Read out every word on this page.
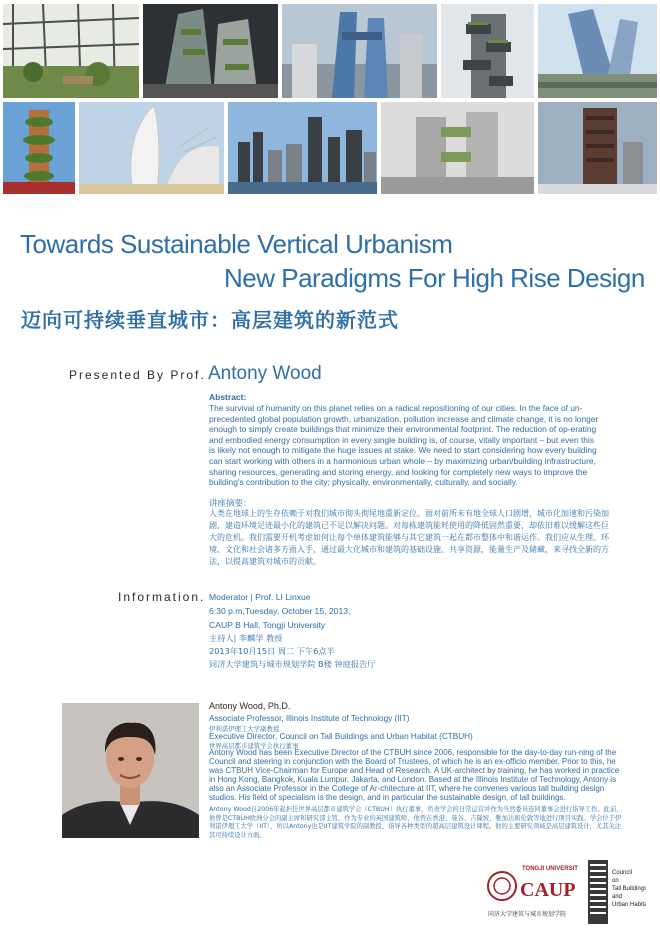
Towards Sustainable Vertical Urbanism
New Paradigms For High Rise Design
迈向可持续垂直城市：高层建筑的新范式
Presented By Prof. Antony Wood
Abstract:
The survival of humanity on this planet relies on a radical repositioning of our cities. In the face of un-precedented global population growth, urbanization, pollution increase and climate change, it is no longer enough to simply create buildings that minimize their environmental footprint. The reduction of op-erating and embodied energy consumption in every single building is, of course, vitally important – but even this is likely not enough to mitigate the huge issues at stake. We need to start considering how every building can start working with others in a harmonious urban whole – by maximizing urban/building infrastructure, sharing resources, generating and storing energy, and looking for completely new ways to improve the building's contribution to the city; physically, environmentally, culturally, and socially.
讲座摘要：
人类在地球上的生存依赖于对我们城市彻头彻尾地重新定位。面对前所未有地全球人口剧增，城市化加速和污染加剧，建造环境足迹最小化的建筑已不足以解决问题。对每栋建筑能耗使用的降低固然重要，却依旧难以缓解这些巨大的危机。我们需要开机考虑如何让每个单体建筑能够与其它建筑一起在都市整体中和谐运作。我们应从生理、环境、文化和社会诸多方面入手，通过最大化城市和建筑的基础设施、共享资源，能量生产及储藏，来寻找全新的方法，以提高建筑对城市的贡献。
Information. Moderator | Prof. LI Linxue
6:30 p.m,Tuesday, October 15, 2013,
CAUP B Hall, Tongji University
主持人| 李麟学 教授
2013年10月15日 周二 下午6点半
同济大学建筑与城市规划学院 B楼 钟庭报告厅
Antony Wood, Ph.D.
Associate Professor, Illinois Institute of Technology (IIT)
伊利诺伊理工大学副教授
Executive Director, Council on Tall Buildings and Urban Habitat (CTBUH)
世界高层都市建筑学会执行董事
Antony Wood has been Executive Director of the CTBUH since 2006, responsible for the day-to-day run-ning of the Council and steering in conjunction with the Board of Trustees, of which he is an ex-officio member. Prior to this, he was CTBUH Vice-Chairman for Europe and Head of Research. A UK-architect by training, he has worked in practice in Hong Kong, Bangkok, Kuala Lumpur, Jakarta, and London. Based at the Illinois Institute of Technology, Antony is also an Associate Professor in the College of Ar-chitecture at IIT, where he convenes various tall building design studios. His field of specialism is the design, and in particular the sustainable design, of tall buildings.
Antony Wood自2006年起担任世界高层都市建筑学会（CTBUH）执行董事，负责学会的日常运营并作为当然委员连同董事会进行指导工作。此前，他曾是CTBUH欧洲分会的副主席和研究部主管。作为专业的英国建筑师，他曾在香港、曼谷、吉隆坡、雅加达和伦敦等地进行项目实践。学会位于伊利诺伊理工大学（IIT），所以Antony也是IIT建筑学院的副教授，指导各种类型的超高层建筑设计课程。他的主要研究领域是高层建筑设计，尤其关注其可持续设计方面。
TONGJI UNIVERSITY
CAUP
同济大学建筑与城市规划学院
Council
on
Tall Buildings
and
Urban Habitat
